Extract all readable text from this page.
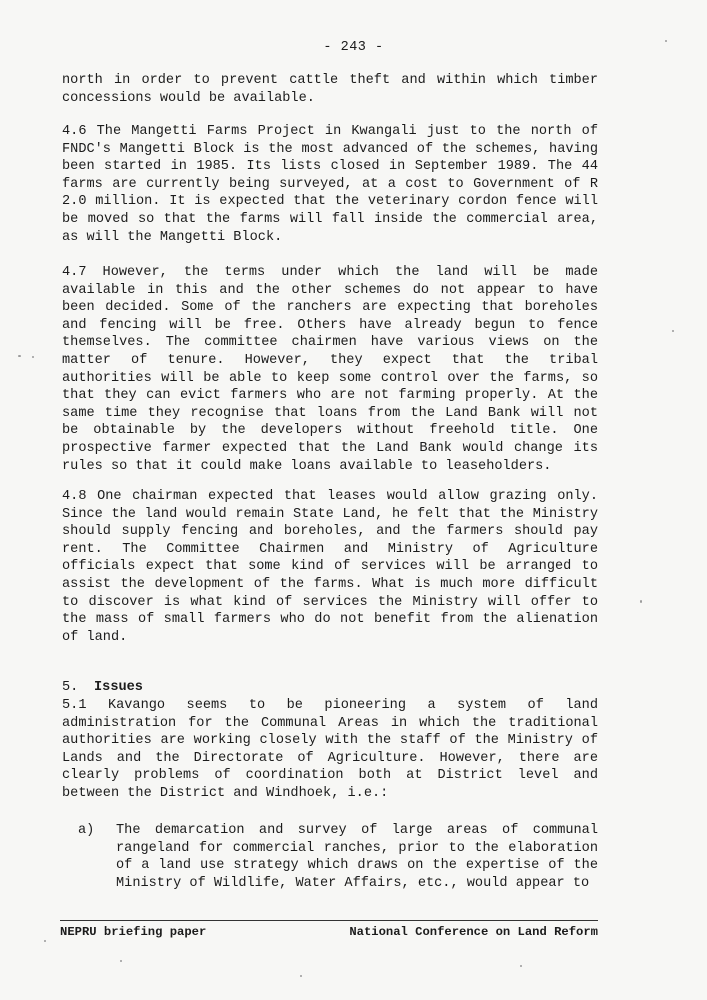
- 243 -

north in order to prevent cattle theft and within which timber concessions would be available.

4.6 The Mangetti Farms Project in Kwangali just to the north of FNDC's Mangetti Block is the most advanced of the schemes, having been started in 1985. Its lists closed in September 1989. The 44 farms are currently being surveyed, at a cost to Government of R 2.0 million. It is expected that the veterinary cordon fence will be moved so that the farms will fall inside the commercial area, as will the Mangetti Block.

4.7 However, the terms under which the land will be made available in this and the other schemes do not appear to have been decided. Some of the ranchers are expecting that boreholes and fencing will be free. Others have already begun to fence themselves. The committee chairmen have various views on the matter of tenure. However, they expect that the tribal authorities will be able to keep some control over the farms, so that they can evict farmers who are not farming properly. At the same time they recognise that loans from the Land Bank will not be obtainable by the developers without freehold title. One prospective farmer expected that the Land Bank would change its rules so that it could make loans available to leaseholders.

4.8 One chairman expected that leases would allow grazing only. Since the land would remain State Land, he felt that the Ministry should supply fencing and boreholes, and the farmers should pay rent. The Committee Chairmen and Ministry of Agriculture officials expect that some kind of services will be arranged to assist the development of the farms. What is much more difficult to discover is what kind of services the Ministry will offer to the mass of small farmers who do not benefit from the alienation of land.

5. Issues

5.1 Kavango seems to be pioneering a system of land administration for the Communal Areas in which the traditional authorities are working closely with the staff of the Ministry of Lands and the Directorate of Agriculture. However, there are clearly problems of coordination both at District level and between the District and Windhoek, i.e.:

a) The demarcation and survey of large areas of communal rangeland for commercial ranches, prior to the elaboration of a land use strategy which draws on the expertise of the Ministry of Wildlife, Water Affairs, etc., would appear to
NEPRU briefing paper	National Conference on Land Reform
